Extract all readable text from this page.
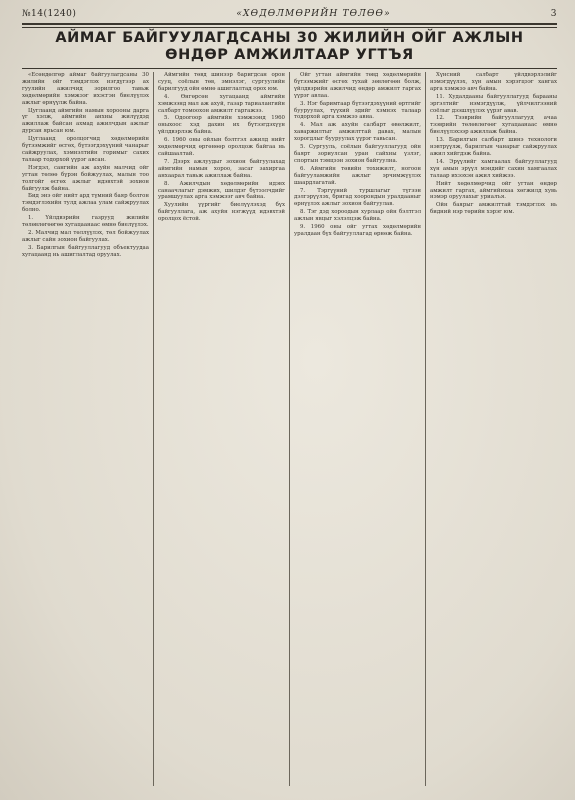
№14(1240)	«ХӨДӨЛМӨРИЙН ТӨЛӨӨ»	3
АЙМАГ БАЙГУУЛАГДСАНЫ 30 ЖИЛИЙН ОЙГ АЖЛЫН
ӨНДӨР АМЖИЛТААР УГТЪЯ

«Ёсөндөлгөр аймаг байгуулагдсаны 30 жилийн ойг тэмдэглэх нэгдүгээр ах гуулийн ажилчид зорилгоо тавьж хөдөлмөрийн хэмжээг ихэсгэн биелүүлэх ажлыг өрнүүлж байна.

Цуглаанд аймгийн намын хорооны дарга үг хэлж, аймгийн анхны жилүүдэд ажиллаж байсан ахмад ажилчдын ажлыг дурсан ярьсан юм.

Цуглаанд оролцогчид хөдөлмөрийн бүтээмжийг өсгөх, бүтээгдэхүүний чанарыг сайжруулах, хэмнэлтийн горимыг сахих талаар тодорхой үүрэг авсан.

Нэгдэл, сангийн аж ахуйн малчид ойг угтан төлөө бүрэн бойжуулах, малын тоо толгойг өсгөх ажлыг идэвхтэй зохион байгуулж байна.

Бид энэ ойг нийт ард түмний баяр болгон тэмдэглэхийн тулд ажлаа улам сайжруулах болно.

1. Үйлдвэрийн газрууд жилийн төлөвлөгөөгөө хугацаанаас өмнө биелүүлэх.

2. Малчид мал төллүүлэх, төл бойжуулах ажлыг сайн зохион байгуулах.

3. Барилгын байгууллагууд объектуудаа хугацаанд нь ашиглалтад оруулах.

Аймгийн төвд шинээр баригдсан орон сууц, соёлын төв, эмнэлэг, сургуулийн барилгууд ойн өмнө ашиглалтад орох юм.

4. Өнгөрсөн хугацаанд аймгийн хэмжээнд мал аж ахуй, газар тариалангийн салбарт томоохон амжилт гаргажээ.

5. Одоогоор аймгийн хэмжээнд 1960 оныхоос хэд дахин их бүтээгдэхүүн үйлдвэрлэж байна.

6. 1960 оны ойлын бэлтгэл ажилд нийт хөдөлмөрчид өргөнөөр оролцож байгаа нь сайшаалтай.

7. Дээрх ажлуудыг зохион байгуулахад аймгийн намын хороо, засаг захиргаа анхаарал тавьж ажиллаж байна.

8. Ажилчдын хөдөлмөрийн идэвх санаачлагыг дэмжих, шилдэг бүтээлчдийг урамшуулах арга хэмжээг авч байна.

Хуулийн үүргийг биелүүлэхэд бүх байгууллага, аж ахуйн нэгжүүд идэвхтэй оролцох ёстой.

Ойг угтан аймгийн төвд хөдөлмөрийн бүтээмжийг өсгөх тухай зөвлөгөөн болж, үйлдвэрийн ажилчид өндөр амжилт гаргах үүрэг авлаа.

3. Нэг баримтаар бүтээгдэхүүний өртгийг бууруулах, түүхий эдийг хэмнэх талаар тодорхой арга хэмжээ авна.

4. Мал аж ахуйн салбарт өвөлжилт, хаваржилтыг амжилттай давах, малын хорогдлыг бууруулах үүрэг тавьсан.

5. Сургууль, соёлын байгууллагууд ойн баярт зориулсан уран сайхны үзлэг, спортын тэмцээн зохион байгуулна.

6. Аймгийн төвийн тохижилт, ногоон байгууламжийн ажлыг эрчимжүүлэх шаардлагатай.

7. Тэргүүний туршлагыг түгээн дэлгэрүүлэх, бригад хоорондын уралдааныг өрнүүлэх ажлыг зохион байгуулав.

8. Тэг дэд хороодын хурлаар ойн бэлтгэл ажлын явцыг хэлэлцэж байна.

9. 1960 оны ойг угтах хөдөлмөрийн уралдаан бүх байгууллагад өрнөж байна.

Хүнсний салбарт үйлдвэрлэлийг нэмэгдүүлэх, хүн амын хэрэгцээг хангах арга хэмжээ авч байна.

11. Худалдааны байгууллагууд барааны эргэлтийг нэмэгдүүлж, үйлчилгээний соёлыг дээшлүүлэх үүрэг авав.

12. Тээврийн байгууллагууд ачаа тээврийн төлөвлөгөөг хугацаанаас өмнө биелүүлэхээр ажиллаж байна.

13. Барилгын салбарт шинэ технологи нэвтрүүлж, барилгын чанарыг сайжруулах ажил хийгдэж байна.

14. Эрүүлийг хамгаалах байгууллагууд хүн амын эрүүл мэндийг сахин хамгаалах талаар ихээхэн ажил хийжээ.

Нийт хөдөлмөрчид ойг угтан өндөр амжилт гаргах, аймгийнхаа хөгжилд хувь нэмэр оруулахыг уриалъя.

Ойн баярыг амжилттай тэмдэглэх нь бидний нэр төрийн хэрэг юм.
